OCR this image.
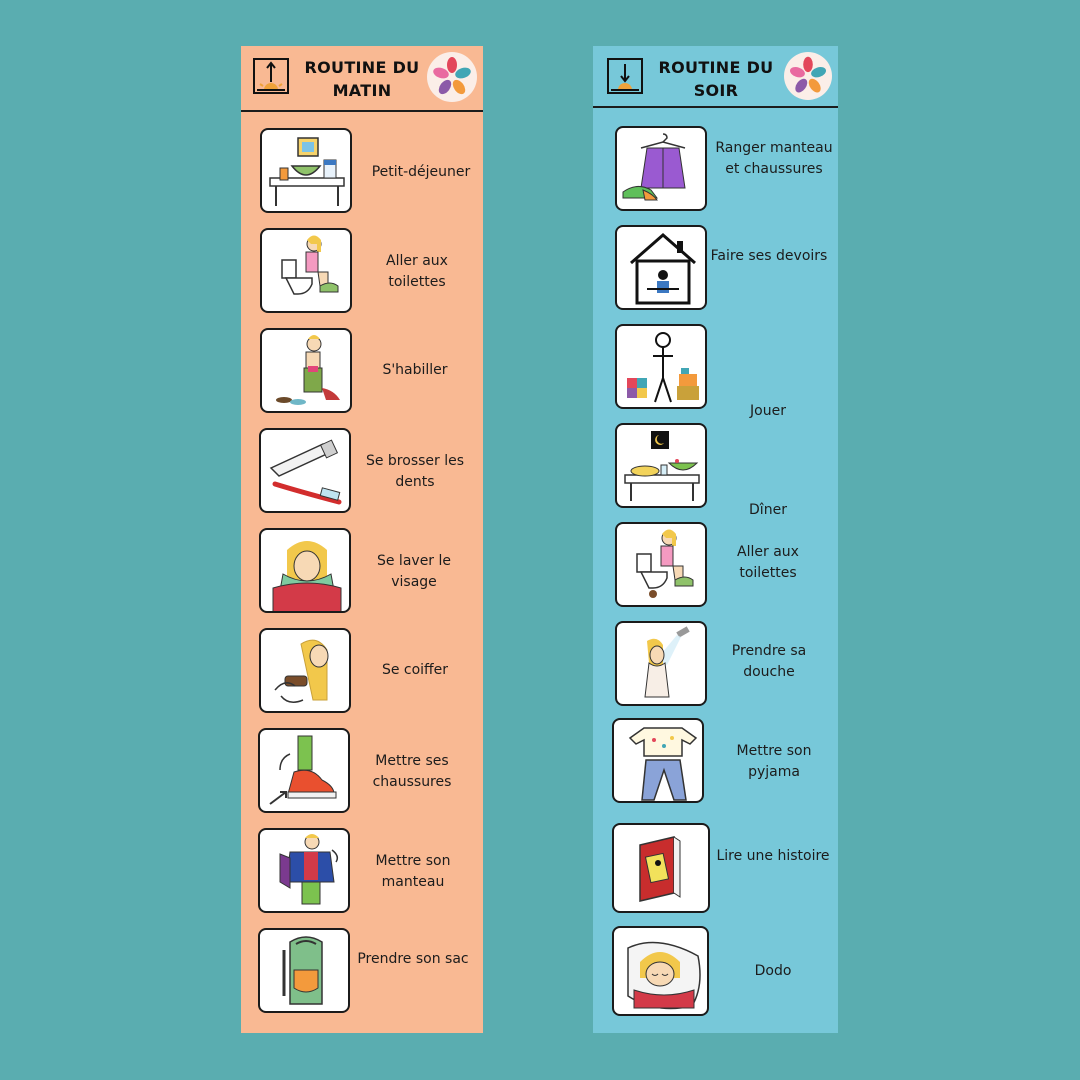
ROUTINE DU
MATIN
Petit-déjeuner
Aller aux toilettes
S'habiller
Se brosser les dents
Se laver le visage
Se coiffer
Mettre ses chaussures
Mettre son manteau
Prendre son sac
ROUTINE DU
SOIR
Ranger manteau et chaussures
Faire ses devoirs
Jouer
Dîner
Aller aux toilettes
Prendre sa douche
Mettre son pyjama
Lire une histoire
Dodo
